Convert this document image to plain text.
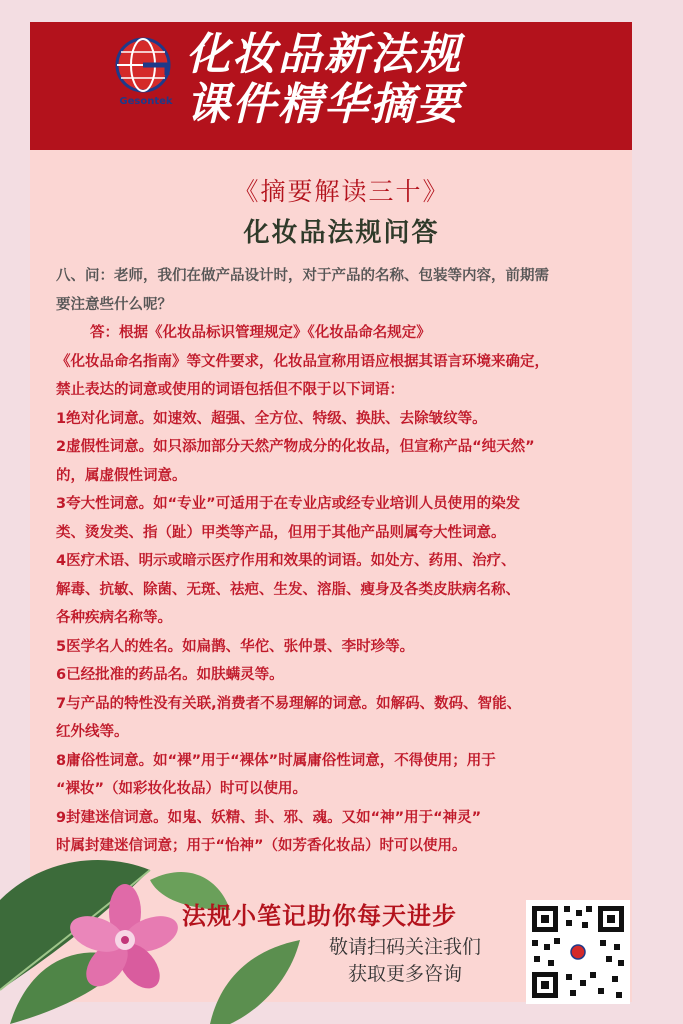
Gesontek
化妆品新法规
课件精华摘要
《摘要解读三十》
化妆品法规问答
八、问：老师，我们在做产品设计时，对于产品的名称、包装等内容，前期需
要注意些什么呢？
答：根据《化妆品标识管理规定》《化妆品命名规定》
《化妆品命名指南》等文件要求，化妆品宣称用语应根据其语言环境来确定，
禁止表达的词意或使用的词语包括但不限于以下词语：
1绝对化词意。如速效、超强、全方位、特级、换肤、去除皱纹等。
2虚假性词意。如只添加部分天然产物成分的化妆品，但宣称产品“纯天然”
的，属虚假性词意。
3夸大性词意。如“专业”可适用于在专业店或经专业培训人员使用的染发
类、烫发类、指（趾）甲类等产品，但用于其他产品则属夸大性词意。
4医疗术语、明示或暗示医疗作用和效果的词语。如处方、药用、治疗、
解毒、抗敏、除菌、无斑、祛疤、生发、溶脂、瘦身及各类皮肤病名称、
各种疾病名称等。
5医学名人的姓名。如扁鹊、华佗、张仲景、李时珍等。
6已经批准的药品名。如肤螨灵等。
7与产品的特性没有关联,消费者不易理解的词意。如解码、数码、智能、
红外线等。
8庸俗性词意。如“裸”用于“裸体”时属庸俗性词意，不得使用；用于
“裸妆”（如彩妆化妆品）时可以使用。
9封建迷信词意。如鬼、妖精、卦、邪、魂。又如“神”用于“神灵”
时属封建迷信词意；用于“怡神”（如芳香化妆品）时可以使用。
法规小笔记助你每天进步
敬请扫码关注我们
获取更多咨询
